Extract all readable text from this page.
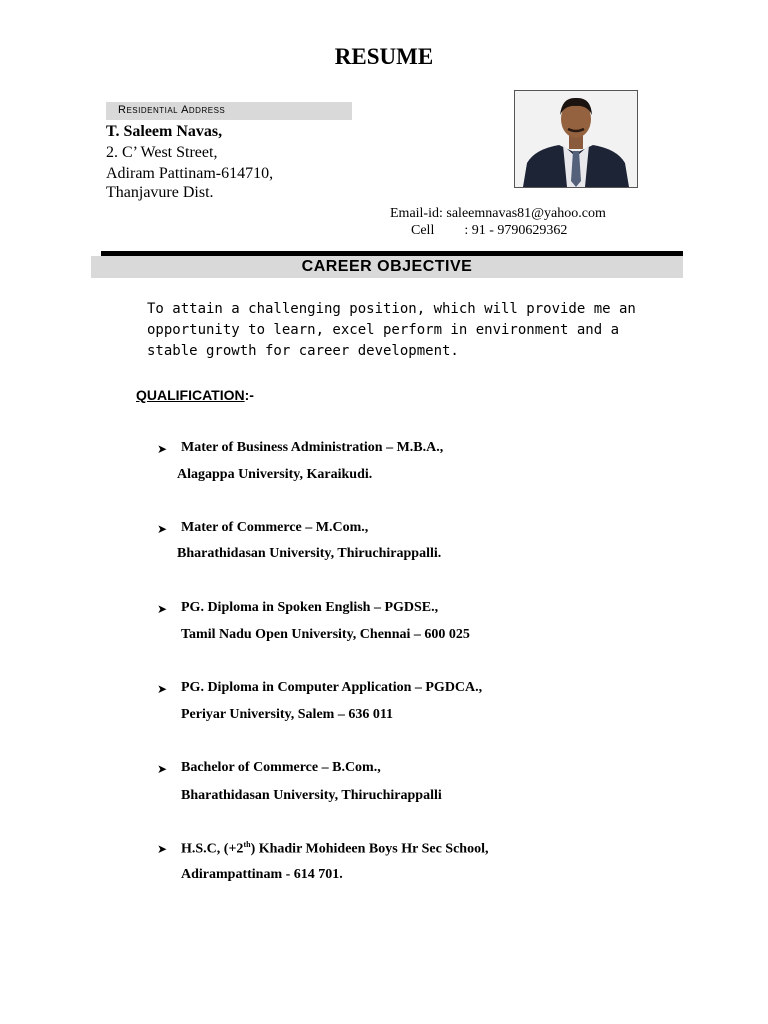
RESUME
Residential Address
T. Saleem Navas,
2. C’ West Street,
Adiram Pattinam-614710,
Thanjavure Dist.
Email-id: saleemnavas81@yahoo.com
Cell : 91 - 9790629362
CAREER OBJECTIVE
To attain a challenging position, which will provide me an opportunity to learn, excel perform in environment and a stable growth for career development.
QUALIFICATION:-
➤ Mater of Business Administration – M.B.A.,
Alagappa University, Karaikudi.
➤ Mater of Commerce – M.Com.,
Bharathidasan University, Thiruchirappalli.
➤ PG. Diploma in Spoken English – PGDSE.,
Tamil Nadu Open University, Chennai – 600 025
➤ PG. Diploma in Computer Application – PGDCA.,
Periyar University, Salem – 636 011
➤ Bachelor of Commerce – B.Com.,
Bharathidasan University, Thiruchirappalli
➤ H.S.C, (+2th) Khadir Mohideen Boys Hr Sec School,
Adirampattinam - 614 701.
